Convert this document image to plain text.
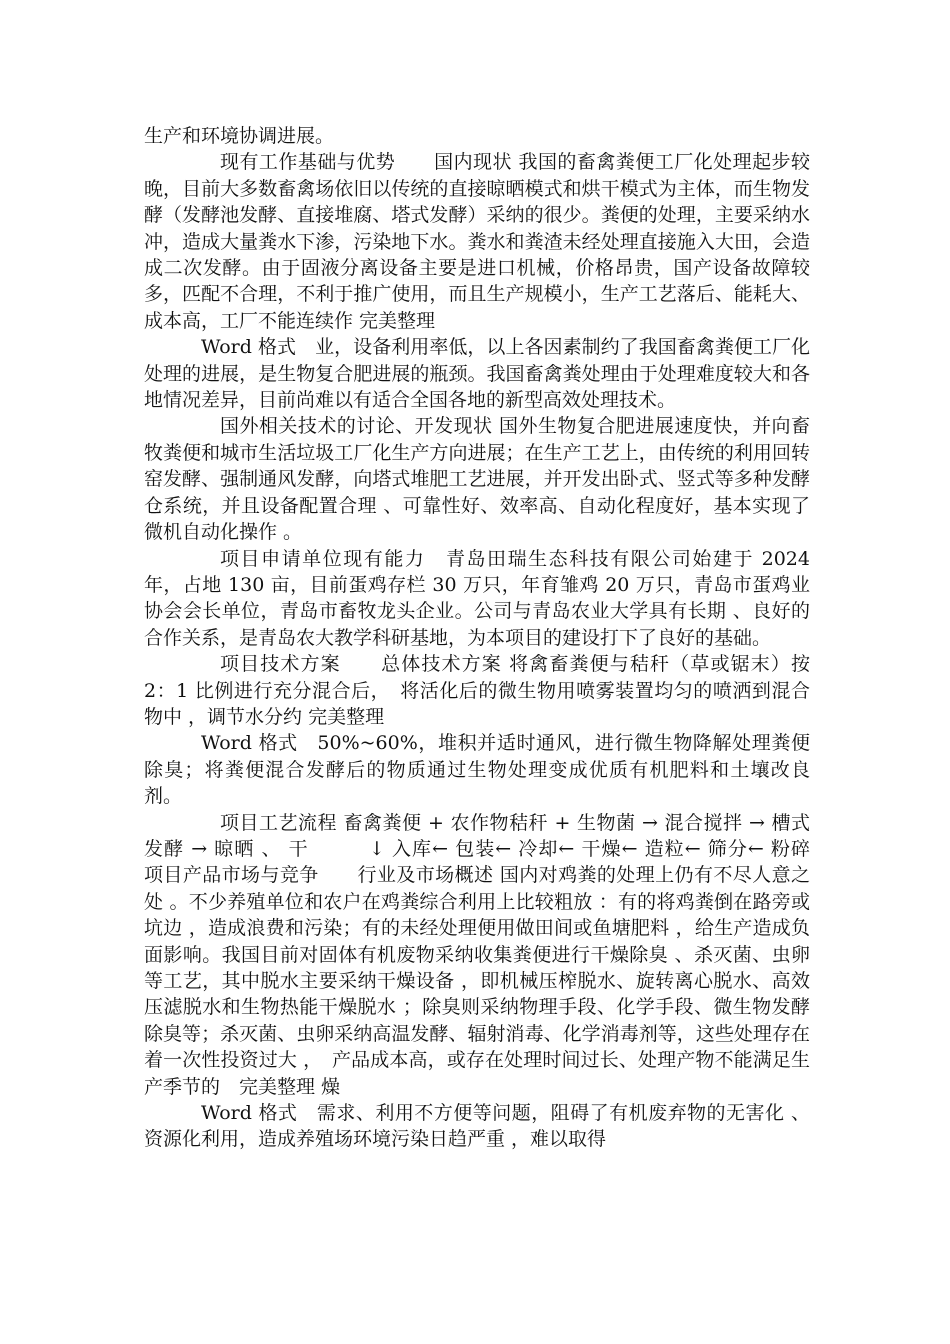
生产和环境协调进展。

现有工作基础与优势　　国内现状 我国的畜禽粪便工厂化处理起步较晚，目前大多数畜禽场依旧以传统的直接晾晒模式和烘干模式为主体，而生物发酵（发酵池发酵、直接堆腐、塔式发酵）采纳的很少。粪便的处理，主要采纳水冲，造成大量粪水下渗，污染地下水。粪水和粪渣未经处理直接施入大田，会造成二次发酵。由于固液分离设备主要是进口机械，价格昂贵，国产设备故障较多，匹配不合理，不利于推广使用，而且生产规模小，生产工艺落后、能耗大、成本高，工厂不能连续作 完美整理

Word 格式　业，设备利用率低，以上各因素制约了我国畜禽粪便工厂化处理的进展，是生物复合肥进展的瓶颈。我国畜禽粪处理由于处理难度较大和各地情况差异，目前尚难以有适合全国各地的新型高效处理技术。

国外相关技术的讨论、开发现状 国外生物复合肥进展速度快，并向畜牧粪便和城市生活垃圾工厂化生产方向进展；在生产工艺上，由传统的利用回转窑发酵、强制通风发酵，向塔式堆肥工艺进展，并开发出卧式、竖式等多种发酵仓系统，并且设备配置合理 、可靠性好、效率高、自动化程度好，基本实现了微机自动化操作 。

项目申请单位现有能力　青岛田瑞生态科技有限公司始建于 2024 年，占地 130 亩，目前蛋鸡存栏 30 万只，年育雏鸡 20 万只，青岛市蛋鸡业协会会长单位，青岛市畜牧龙头企业。公司与青岛农业大学具有长期 、良好的合作关系，是青岛农大教学科研基地，为本项目的建设打下了良好的基础。

项目技术方案　　总体技术方案 将禽畜粪便与秸秆（草或锯末）按 2：1 比例进行充分混合后，　将活化后的微生物用喷雾装置均匀的喷洒到混合物中 ，调节水分约 完美整理

Word 格式　50%~60%，堆积并适时通风，进行微生物降解处理粪便除臭；将粪便混合发酵后的物质通过生物处理变成优质有机肥料和土壤改良 剂。

项目工艺流程 畜禽粪便 + 农作物秸秆 + 生物菌 → 混合搅拌 → 槽式发酵 → 晾晒 、 干　　　↓ 入库← 包装← 冷却← 干燥← 造粒← 筛分← 粉碎　 项目产品市场与竞争　　行业及市场概述 国内对鸡粪的处理上仍有不尽人意之处 。不少养殖单位和农户在鸡粪综合利用上比较粗放 ：有的将鸡粪倒在路旁或坑边 ，造成浪费和污染；有的未经处理便用做田间或鱼塘肥料 ，给生产造成负面影响。我国目前对固体有机废物采纳收集粪便进行干燥除臭 、杀灭菌、虫卵等工艺，其中脱水主要采纳干燥设备 ，即机械压榨脱水、旋转离心脱水、高效压滤脱水和生物热能干燥脱水 ；除臭则采纳物理手段、化学手段、微生物发酵除臭等；杀灭菌、虫卵采纳高温发酵、辐射消毒、化学消毒剂等，这些处理存在着一次性投资过大 ，　产品成本高，或存在处理时间过长、处理产物不能满足生产季节的　完美整理 燥

Word 格式　需求、利用不方便等问题，阻碍了有机废弃物的无害化 、资源化利用，造成养殖场环境污染日趋严重 ，难以取得
